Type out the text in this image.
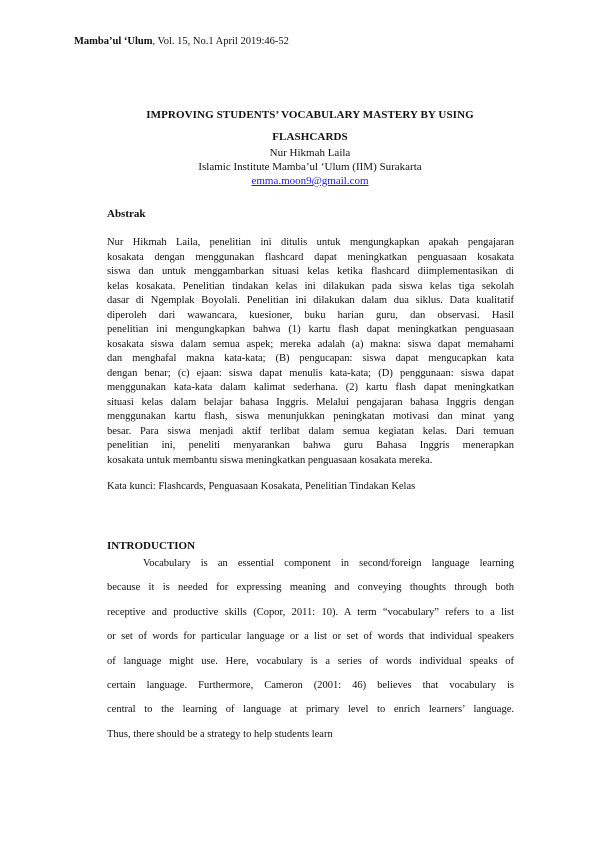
Mamba’ul ‘Ulum, Vol. 15, No.1 April 2019:46-52
IMPROVING STUDENTS’ VOCABULARY MASTERY BY USING
FLASHCARDS
Nur Hikmah Laila
Islamic Institute Mamba’ul ‘Ulum (IIM) Surakarta
emma.moon9@gmail.com
Abstrak
Nur Hikmah Laila, penelitian ini ditulis untuk mengungkapkan apakah pengajaran
kosakata dengan menggunakan flashcard dapat meningkatkan penguasaan kosakata
siswa dan untuk menggambarkan situasi kelas ketika flashcard diimplementasikan di
kelas kosakata. Penelitian tindakan kelas ini dilakukan pada siswa kelas tiga sekolah
dasar di Ngemplak Boyolali. Penelitian ini dilakukan dalam dua siklus. Data kualitatif
diperoleh dari wawancara, kuesioner, buku harian guru, dan observasi. Hasil
penelitian ini mengungkapkan bahwa (1) kartu flash dapat meningkatkan penguasaan
kosakata siswa dalam semua aspek; mereka adalah (a) makna: siswa dapat memahami
dan menghafal makna kata-kata; (B) pengucapan: siswa dapat mengucapkan kata
dengan benar; (c) ejaan: siswa dapat menulis kata-kata; (D) penggunaan: siswa dapat
menggunakan kata-kata dalam kalimat sederhana. (2) kartu flash dapat meningkatkan
situasi kelas dalam belajar bahasa Inggris. Melalui pengajaran bahasa Inggris dengan
menggunakan kartu flash, siswa menunjukkan peningkatan motivasi dan minat yang
besar. Para siswa menjadi aktif terlibat dalam semua kegiatan kelas. Dari temuan
penelitian ini, peneliti menyarankan bahwa guru Bahasa Inggris menerapkan
kosakata untuk membantu siswa meningkatkan penguasaan kosakata mereka.
Kata kunci: Flashcards, Penguasaan Kosakata, Penelitian Tindakan Kelas
INTRODUCTION
Vocabulary is an essential component in second/foreign language learning
because it is needed for expressing meaning and conveying thoughts through both
receptive and productive skills (Copor, 2011: 10). A term “vocabulary” refers to a list
or set of words for particular language or a list or set of words that individual speakers
of language might use. Here, vocabulary is a series of words individual speaks of
certain language. Furthermore, Cameron (2001: 46) believes that vocabulary is
central to the learning of language at primary level to enrich learners’ language.
Thus, there should be a strategy to help students learn
